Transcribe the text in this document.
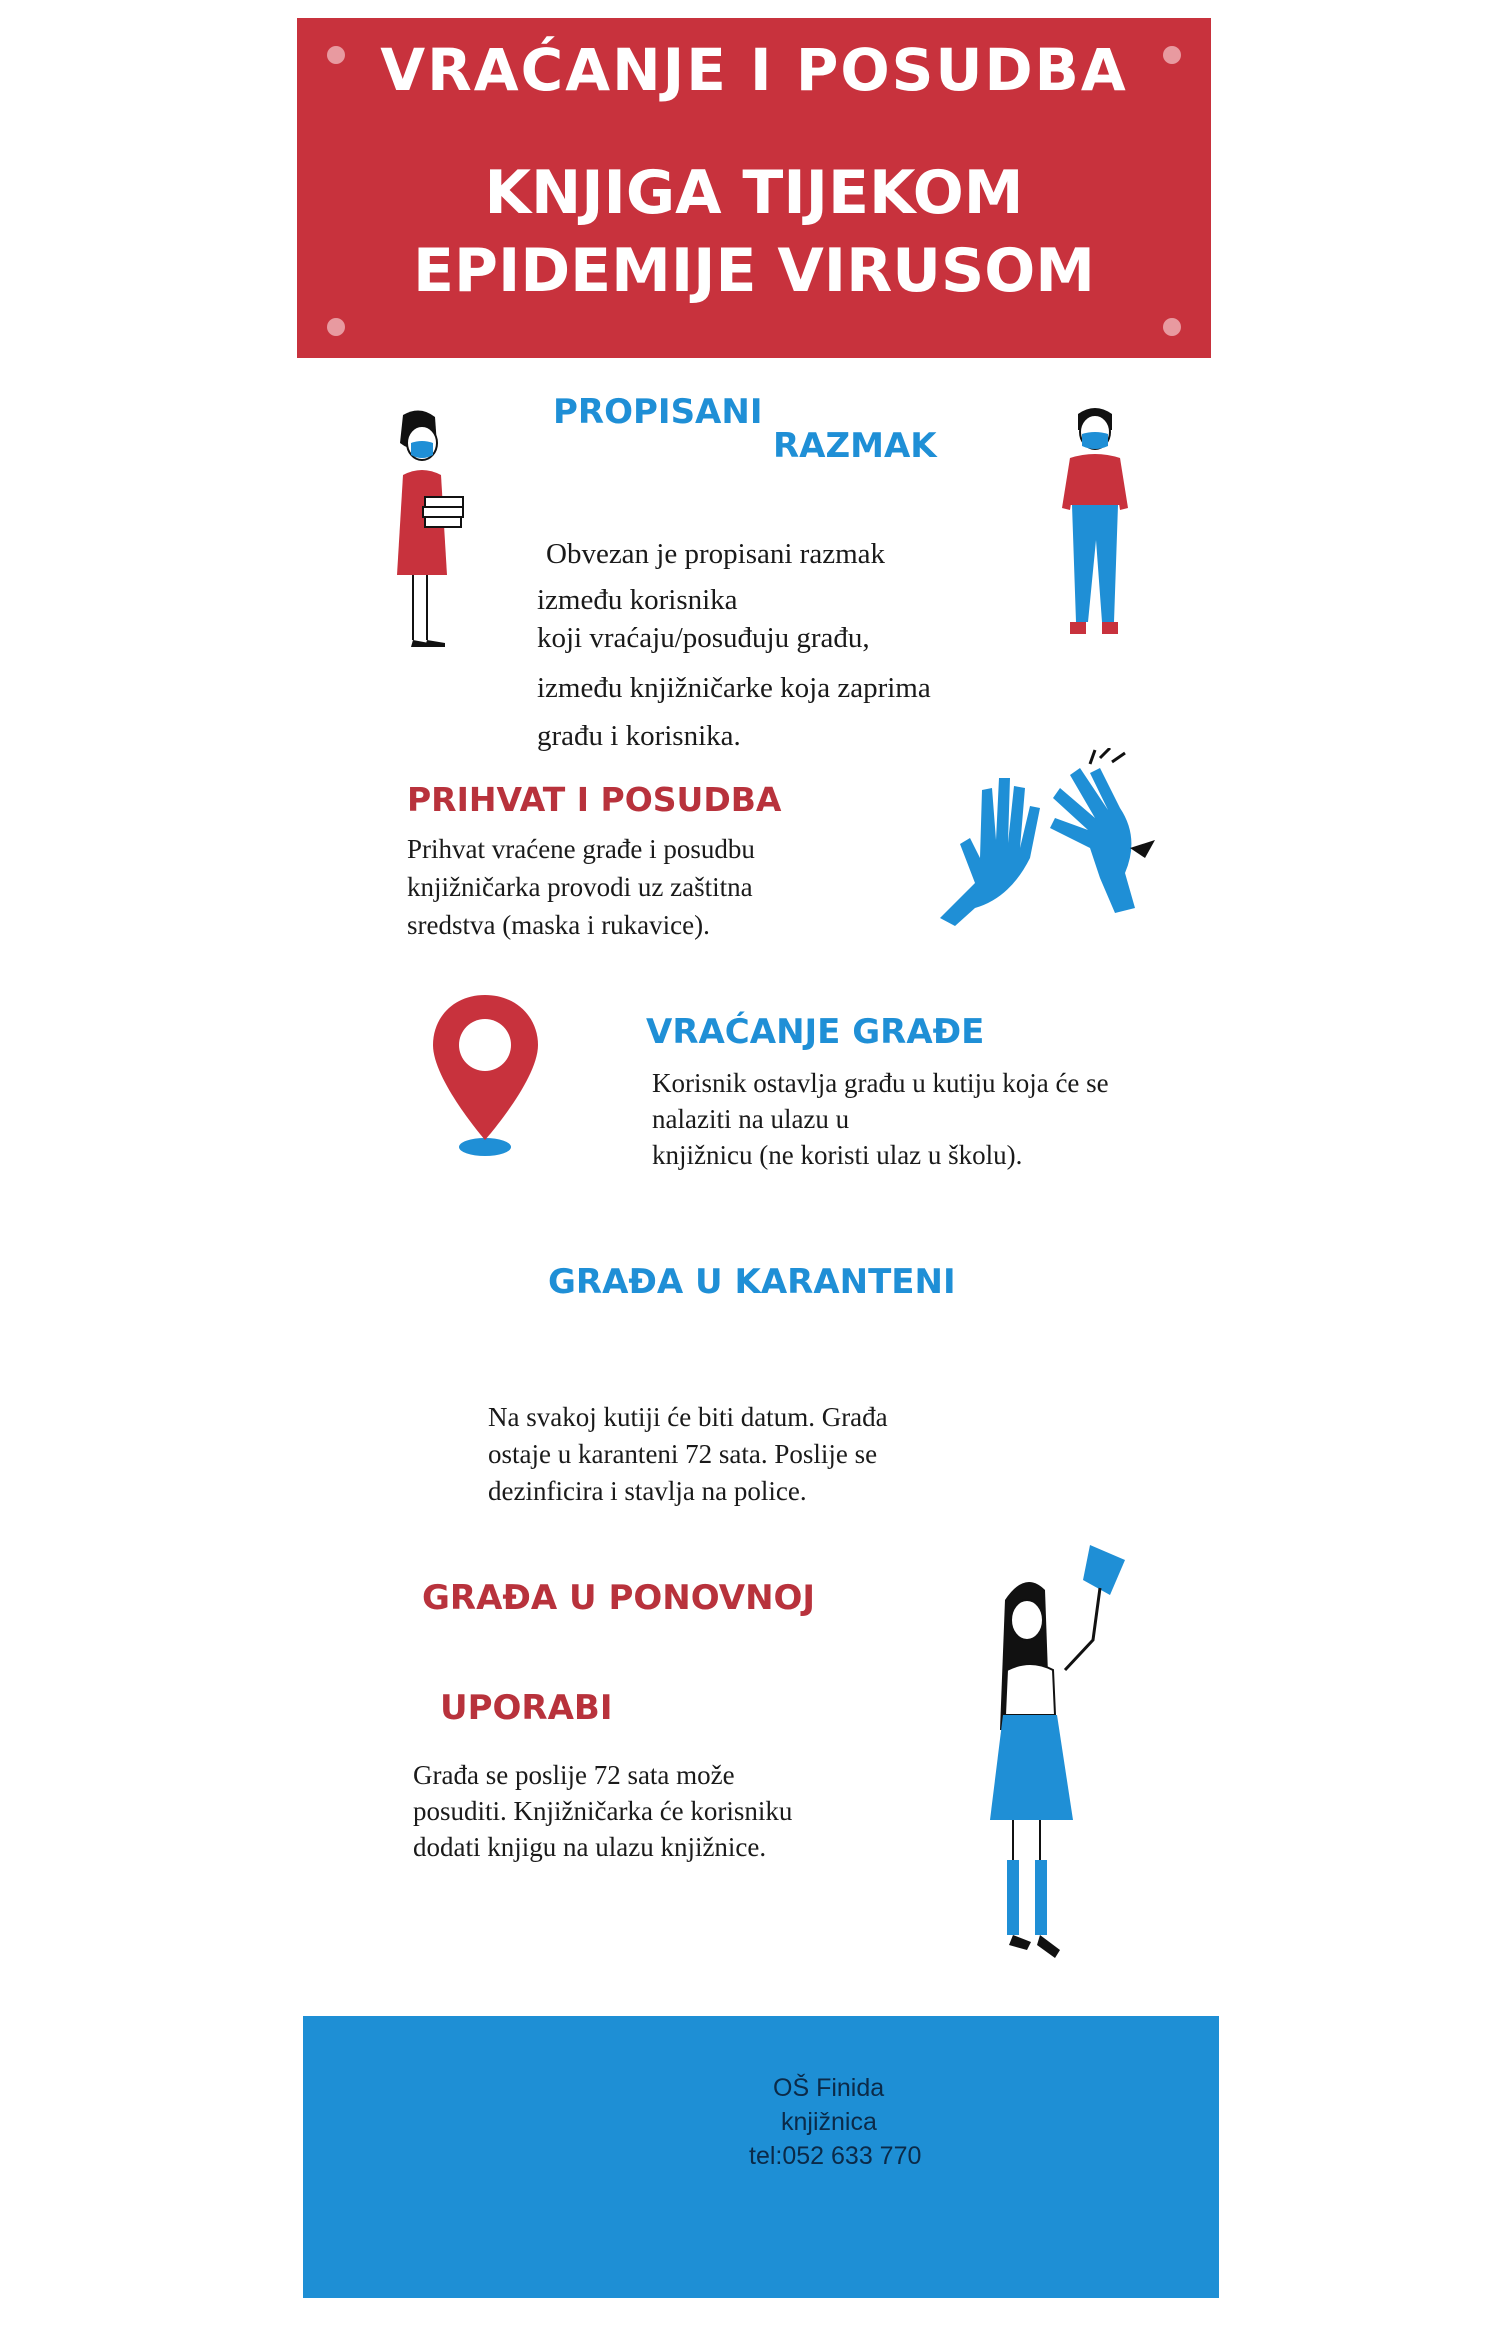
VRAĆANJE I POSUDBA
KNJIGA TIJEKOM
EPIDEMIJE VIRUSOM
PROPISANI
RAZMAK
Obvezan je propisani razmak
između korisnika
koji vraćaju/posuđuju građu,
između knjižničarke koja zaprima
građu i korisnika.
PRIHVAT I POSUDBA
Prihvat vraćene građe i posudbu
knjižničarka provodi uz zaštitna
sredstva (maska i rukavice).
VRAĆANJE GRAĐE
Korisnik ostavlja građu u kutiju koja će se
nalaziti na ulazu u
knjižnicu (ne koristi ulaz u školu).
GRAĐA U KARANTENI
Na svakoj kutiji će biti datum. Građa
ostaje u karanteni 72 sata. Poslije se
dezinficira i stavlja na police.
GRAĐA U PONOVNOJ
UPORABI
Građa se poslije 72 sata može
posuditi. Knjižničarka će korisniku
dodati knjigu na ulazu knjižnice.
OŠ Finida
knjižnica
tel:052 633 770
